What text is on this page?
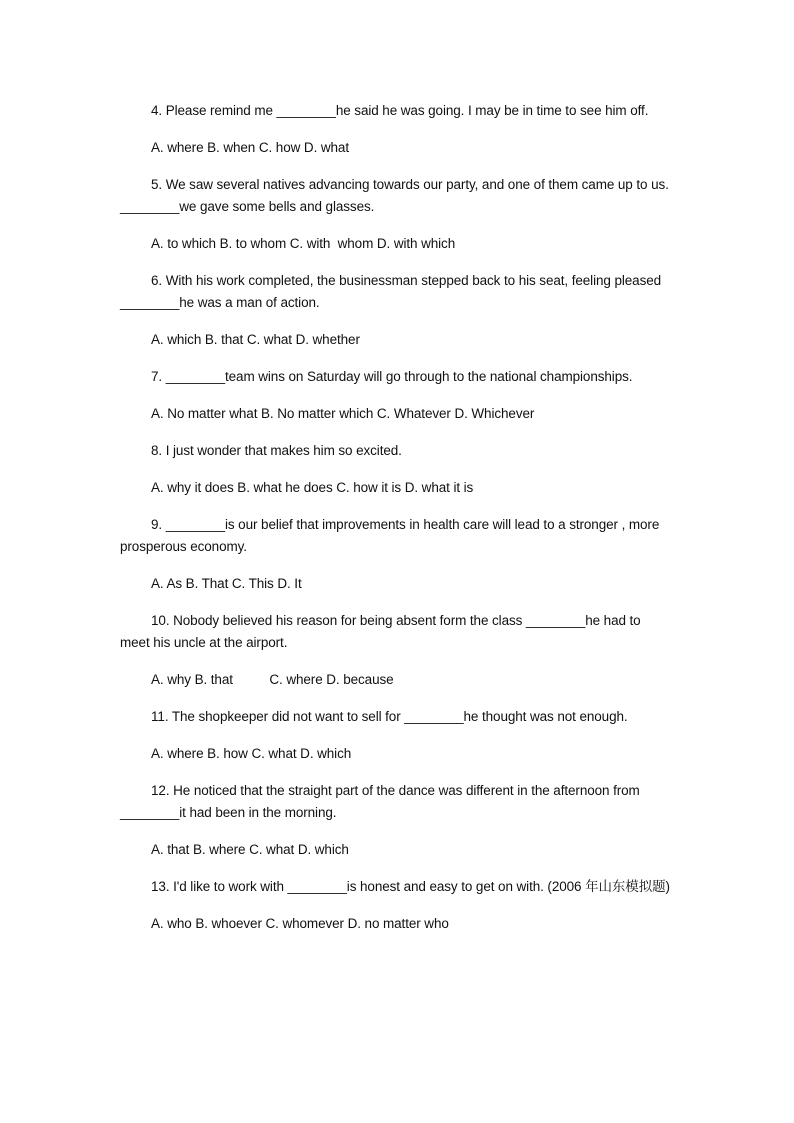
4. Please remind me ________he said he was going. I may be in time to see him off.

A. where B. when C. how D. what

5. We saw several natives advancing towards our party, and one of them came up to us. ________we gave some bells and glasses.

A. to which B. to whom C. with  whom D. with which

6. With his work completed, the businessman stepped back to his seat, feeling pleased ________he was a man of action.

A. which B. that C. what D. whether

7. ________team wins on Saturday will go through to the national championships.

A. No matter what B. No matter which C. Whatever D. Whichever

8. I just wonder that makes him so excited.

A. why it does B. what he does C. how it is D. what it is

9. ________is our belief that improvements in health care will lead to a stronger , more prosperous economy.

A. As B. That C. This D. It

10. Nobody believed his reason for being absent form the class ________he had to meet his uncle at the airport.

A. why B. that          C. where D. because

11. The shopkeeper did not want to sell for ________he thought was not enough.

A. where B. how C. what D. which

12. He noticed that the straight part of the dance was different in the afternoon from ________it had been in the morning.

A. that B. where C. what D. which

13. I'd like to work with ________is honest and easy to get on with. (2006 年山东模拟题)

A. who B. whoever C. whomever D. no matter who
